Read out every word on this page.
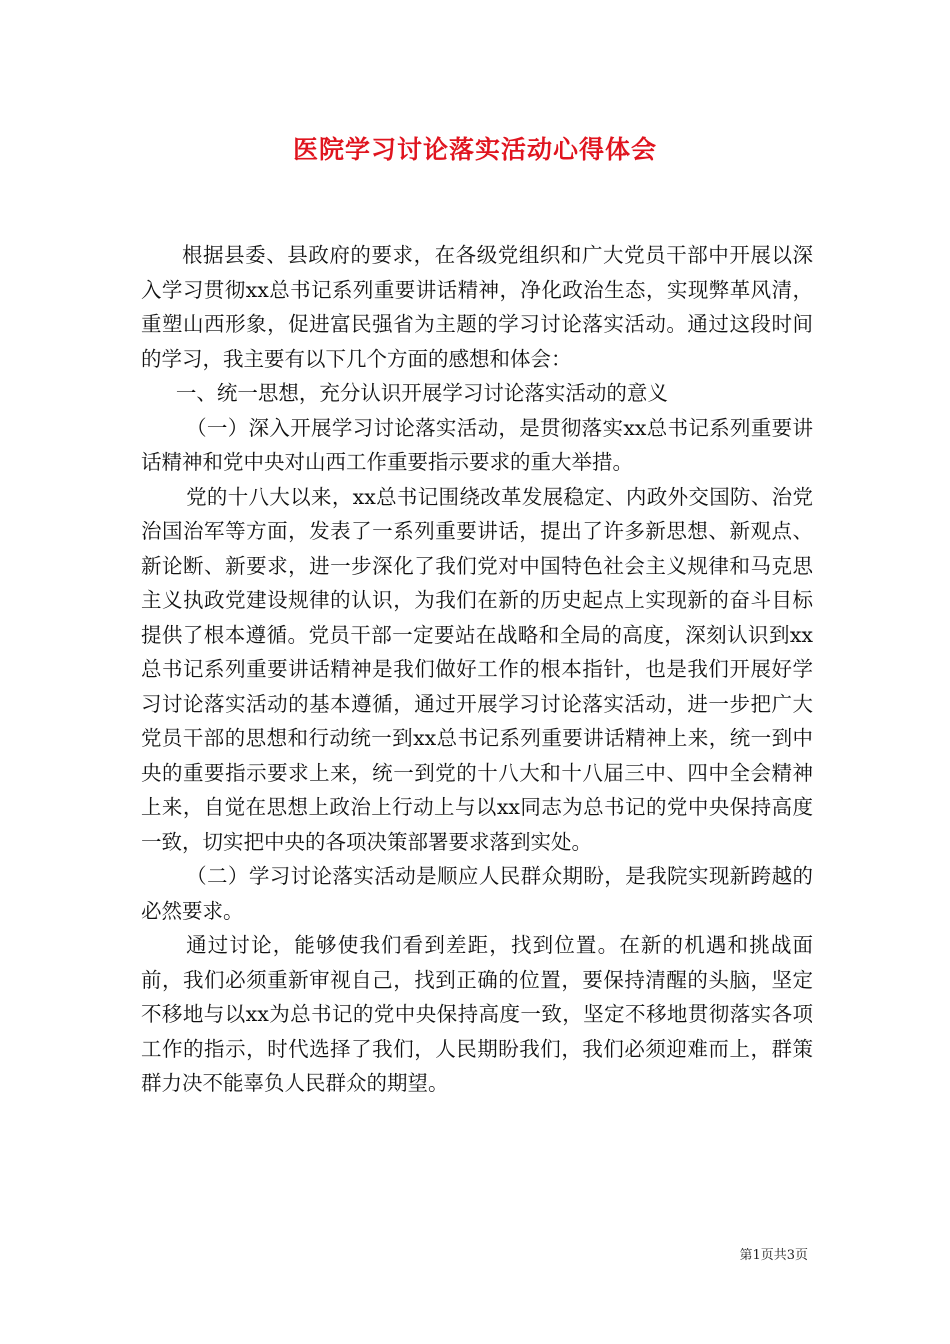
医院学习讨论落实活动心得体会

根据县委、县政府的要求，在各级党组织和广大党员干部中开展以深入学习贯彻xx总书记系列重要讲话精神，净化政治生态，实现弊革风清，重塑山西形象，促进富民强省为主题的学习讨论落实活动。通过这段时间的学习，我主要有以下几个方面的感想和体会：

一、统一思想，充分认识开展学习讨论落实活动的意义

（一）深入开展学习讨论落实活动，是贯彻落实xx总书记系列重要讲话精神和党中央对山西工作重要指示要求的重大举措。

党的十八大以来，xx总书记围绕改革发展稳定、内政外交国防、治党治国治军等方面，发表了一系列重要讲话，提出了许多新思想、新观点、新论断、新要求，进一步深化了我们党对中国特色社会主义规律和马克思主义执政党建设规律的认识，为我们在新的历史起点上实现新的奋斗目标提供了根本遵循。党员干部一定要站在战略和全局的高度，深刻认识到xx总书记系列重要讲话精神是我们做好工作的根本指针，也是我们开展好学习讨论落实活动的基本遵循，通过开展学习讨论落实活动，进一步把广大党员干部的思想和行动统一到xx总书记系列重要讲话精神上来，统一到中央的重要指示要求上来，统一到党的十八大和十八届三中、四中全会精神上来，自觉在思想上政治上行动上与以xx同志为总书记的党中央保持高度一致，切实把中央的各项决策部署要求落到实处。

（二）学习讨论落实活动是顺应人民群众期盼，是我院实现新跨越的必然要求。

通过讨论，能够使我们看到差距，找到位置。在新的机遇和挑战面前，我们必须重新审视自己，找到正确的位置，要保持清醒的头脑，坚定不移地与以xx为总书记的党中央保持高度一致，坚定不移地贯彻落实各项工作的指示，时代选择了我们，人民期盼我们，我们必须迎难而上，群策群力决不能辜负人民群众的期望。

第1页共3页
